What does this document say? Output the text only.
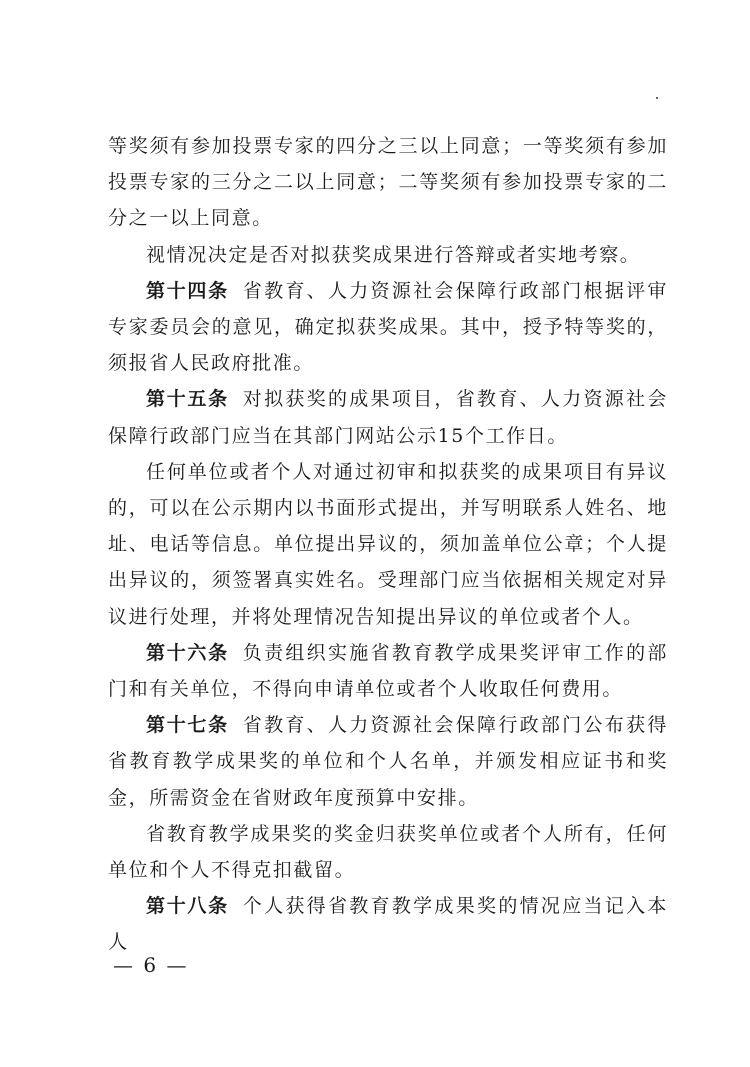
等奖须有参加投票专家的四分之三以上同意；一等奖须有参加投票专家的三分之二以上同意；二等奖须有参加投票专家的二分之一以上同意。

视情况决定是否对拟获奖成果进行答辩或者实地考察。

第十四条 省教育、人力资源社会保障行政部门根据评审专家委员会的意见，确定拟获奖成果。其中，授予特等奖的，须报省人民政府批准。

第十五条 对拟获奖的成果项目，省教育、人力资源社会保障行政部门应当在其部门网站公示15个工作日。

任何单位或者个人对通过初审和拟获奖的成果项目有异议的，可以在公示期内以书面形式提出，并写明联系人姓名、地址、电话等信息。单位提出异议的，须加盖单位公章；个人提出异议的，须签署真实姓名。受理部门应当依据相关规定对异议进行处理，并将处理情况告知提出异议的单位或者个人。

第十六条 负责组织实施省教育教学成果奖评审工作的部门和有关单位，不得向申请单位或者个人收取任何费用。

第十七条 省教育、人力资源社会保障行政部门公布获得省教育教学成果奖的单位和个人名单，并颁发相应证书和奖金，所需资金在省财政年度预算中安排。

省教育教学成果奖的奖金归获奖单位或者个人所有，任何单位和个人不得克扣截留。

第十八条 个人获得省教育教学成果奖的情况应当记入本人

— 6 —
